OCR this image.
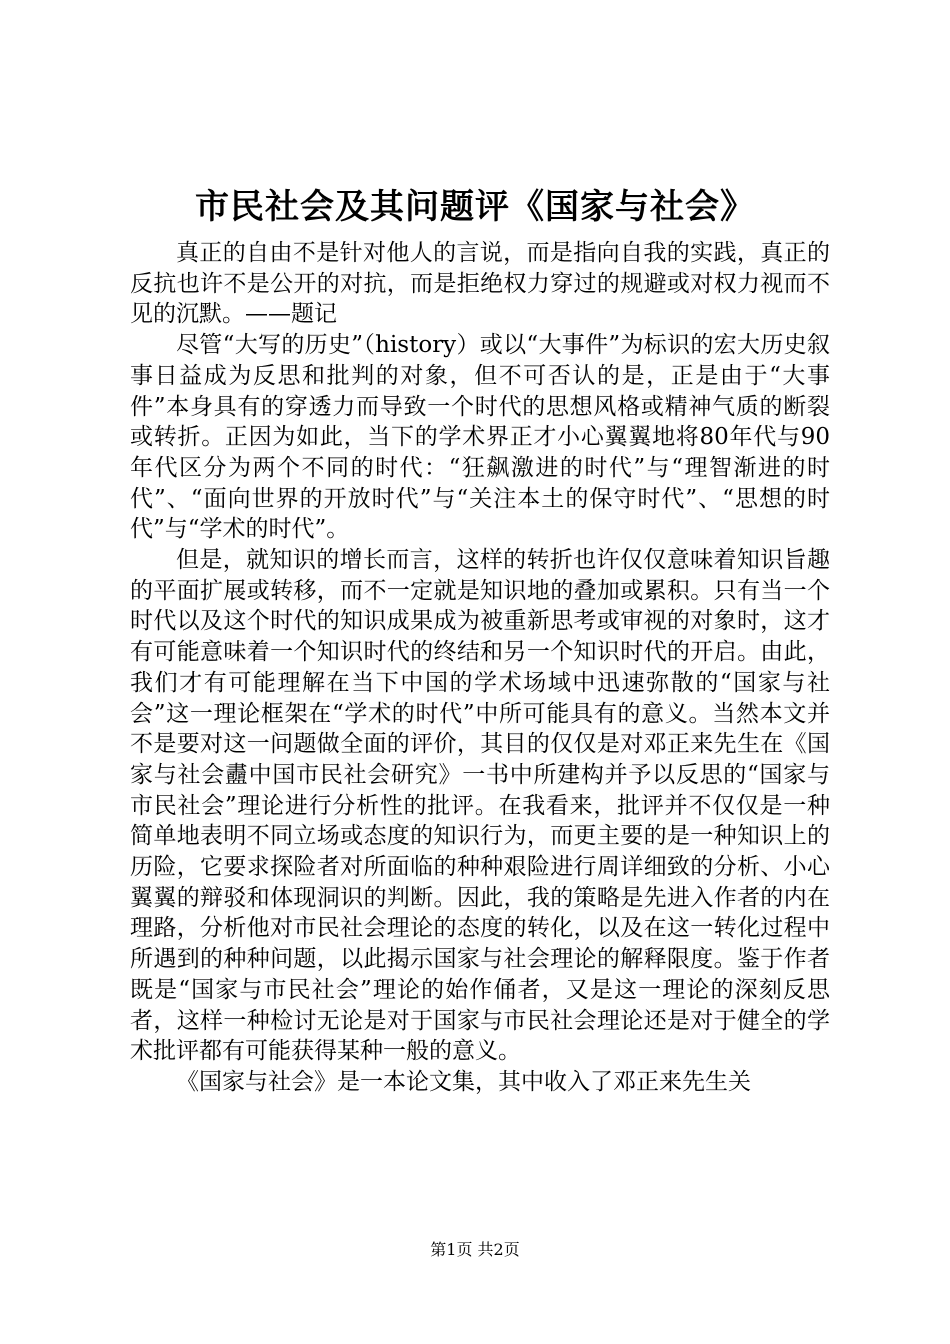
市民社会及其问题评《国家与社会》

真正的自由不是针对他人的言说，而是指向自我的实践，真正的反抗也许不是公开的对抗，而是拒绝权力穿过的规避或对权力视而不见的沉默。——题记

尽管“大写的历史”（history）或以“大事件”为标识的宏大历史叙事日益成为反思和批判的对象，但不可否认的是，正是由于“大事件”本身具有的穿透力而导致一个时代的思想风格或精神气质的断裂或转折。正因为如此，当下的学术界正才小心翼翼地将80年代与90年代区分为两个不同的时代：“狂飙激进的时代”与“理智渐进的时代”、“面向世界的开放时代”与“关注本土的保守时代”、“思想的时代”与“学术的时代”。

但是，就知识的增长而言，这样的转折也许仅仅意味着知识旨趣的平面扩展或转移，而不一定就是知识地的叠加或累积。只有当一个时代以及这个时代的知识成果成为被重新思考或审视的对象时，这才有可能意味着一个知识时代的终结和另一个知识时代的开启。由此，我们才有可能理解在当下中国的学术场域中迅速弥散的“国家与社会”这一理论框架在“学术的时代”中所可能具有的意义。当然本文并不是要对这一问题做全面的评价，其目的仅仅是对邓正来先生在《国家与社会衋中国市民社会研究》一书中所建构并予以反思的“国家与市民社会”理论进行分析性的批评。在我看来，批评并不仅仅是一种简单地表明不同立场或态度的知识行为，而更主要的是一种知识上的历险，它要求探险者对所面临的种种艰险进行周详细致的分析、小心翼翼的辩驳和体现洞识的判断。因此，我的策略是先进入作者的内在理路，分析他对市民社会理论的态度的转化，以及在这一转化过程中所遇到的种种问题，以此揭示国家与社会理论的解释限度。鉴于作者既是“国家与市民社会”理论的始作俑者，又是这一理论的深刻反思者，这样一种检讨无论是对于国家与市民社会理论还是对于健全的学术批评都有可能获得某种一般的意义。

《国家与社会》是一本论文集，其中收入了邓正来先生关

第1页 共2页
